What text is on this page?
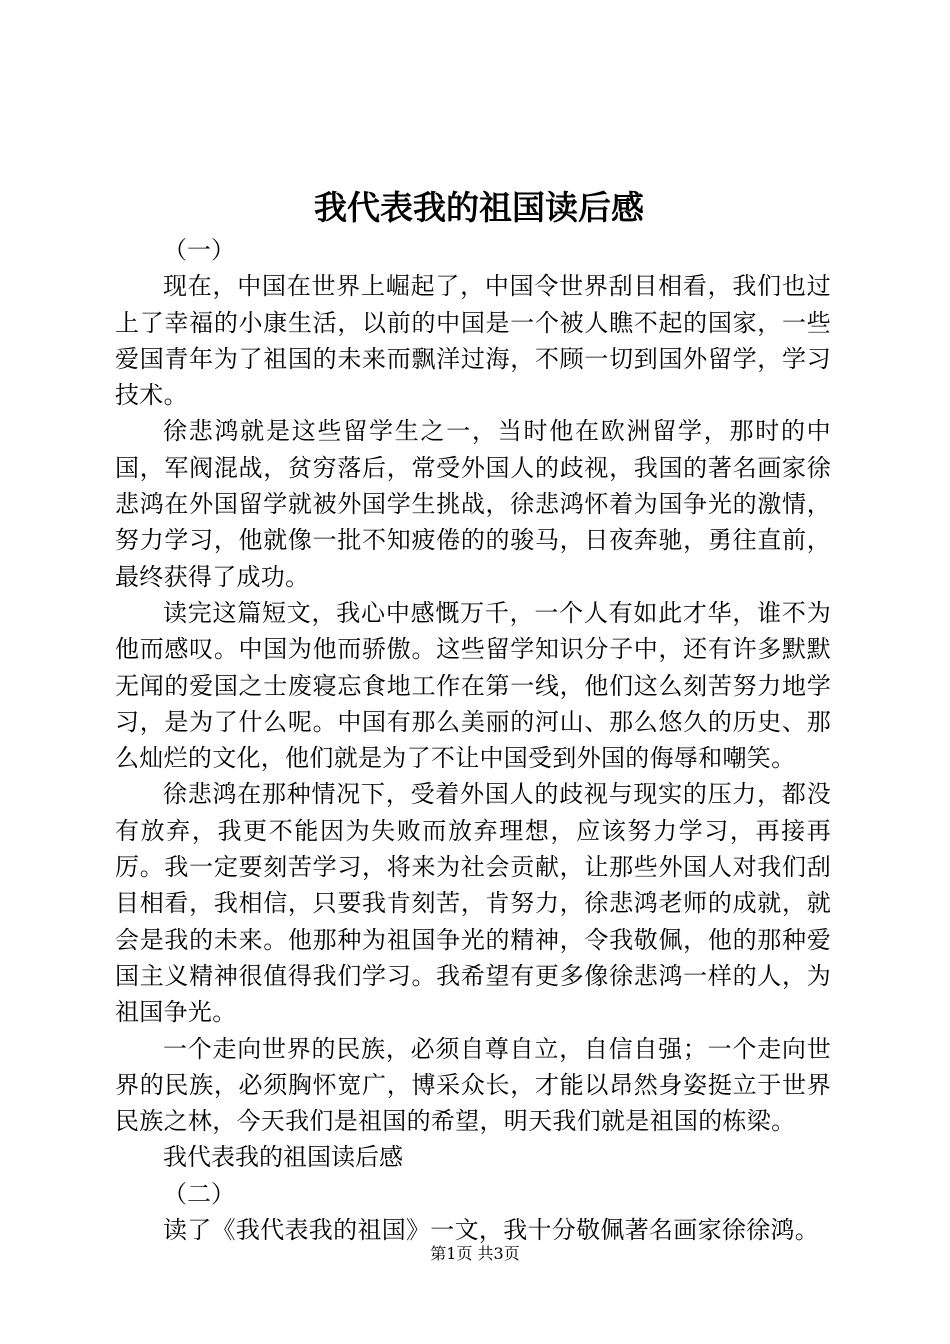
我代表我的祖国读后感

（一）

现在，中国在世界上崛起了，中国令世界刮目相看，我们也过上了幸福的小康生活，以前的中国是一个被人瞧不起的国家，一些爱国青年为了祖国的未来而飘洋过海，不顾一切到国外留学，学习技术。

徐悲鸿就是这些留学生之一，当时他在欧洲留学，那时的中国，军阀混战，贫穷落后，常受外国人的歧视，我国的著名画家徐悲鸿在外国留学就被外国学生挑战，徐悲鸿怀着为国争光的激情，努力学习，他就像一批不知疲倦的的骏马，日夜奔驰，勇往直前，最终获得了成功。

读完这篇短文，我心中感慨万千，一个人有如此才华，谁不为他而感叹。中国为他而骄傲。这些留学知识分子中，还有许多默默无闻的爱国之士废寝忘食地工作在第一线，他们这么刻苦努力地学习，是为了什么呢。中国有那么美丽的河山、那么悠久的历史、那么灿烂的文化，他们就是为了不让中国受到外国的侮辱和嘲笑。

徐悲鸿在那种情况下，受着外国人的歧视与现实的压力，都没有放弃，我更不能因为失败而放弃理想，应该努力学习，再接再厉。我一定要刻苦学习，将来为社会贡献，让那些外国人对我们刮目相看，我相信，只要我肯刻苦，肯努力，徐悲鸿老师的成就，就会是我的未来。他那种为祖国争光的精神，令我敬佩，他的那种爱国主义精神很值得我们学习。我希望有更多像徐悲鸿一样的人，为祖国争光。

一个走向世界的民族，必须自尊自立，自信自强；一个走向世界的民族，必须胸怀宽广，博采众长，才能以昂然身姿挺立于世界民族之林，今天我们是祖国的希望，明天我们就是祖国的栋梁。

我代表我的祖国读后感

（二）

读了《我代表我的祖国》一文，我十分敬佩著名画家徐徐鸿。

第1页 共3页
